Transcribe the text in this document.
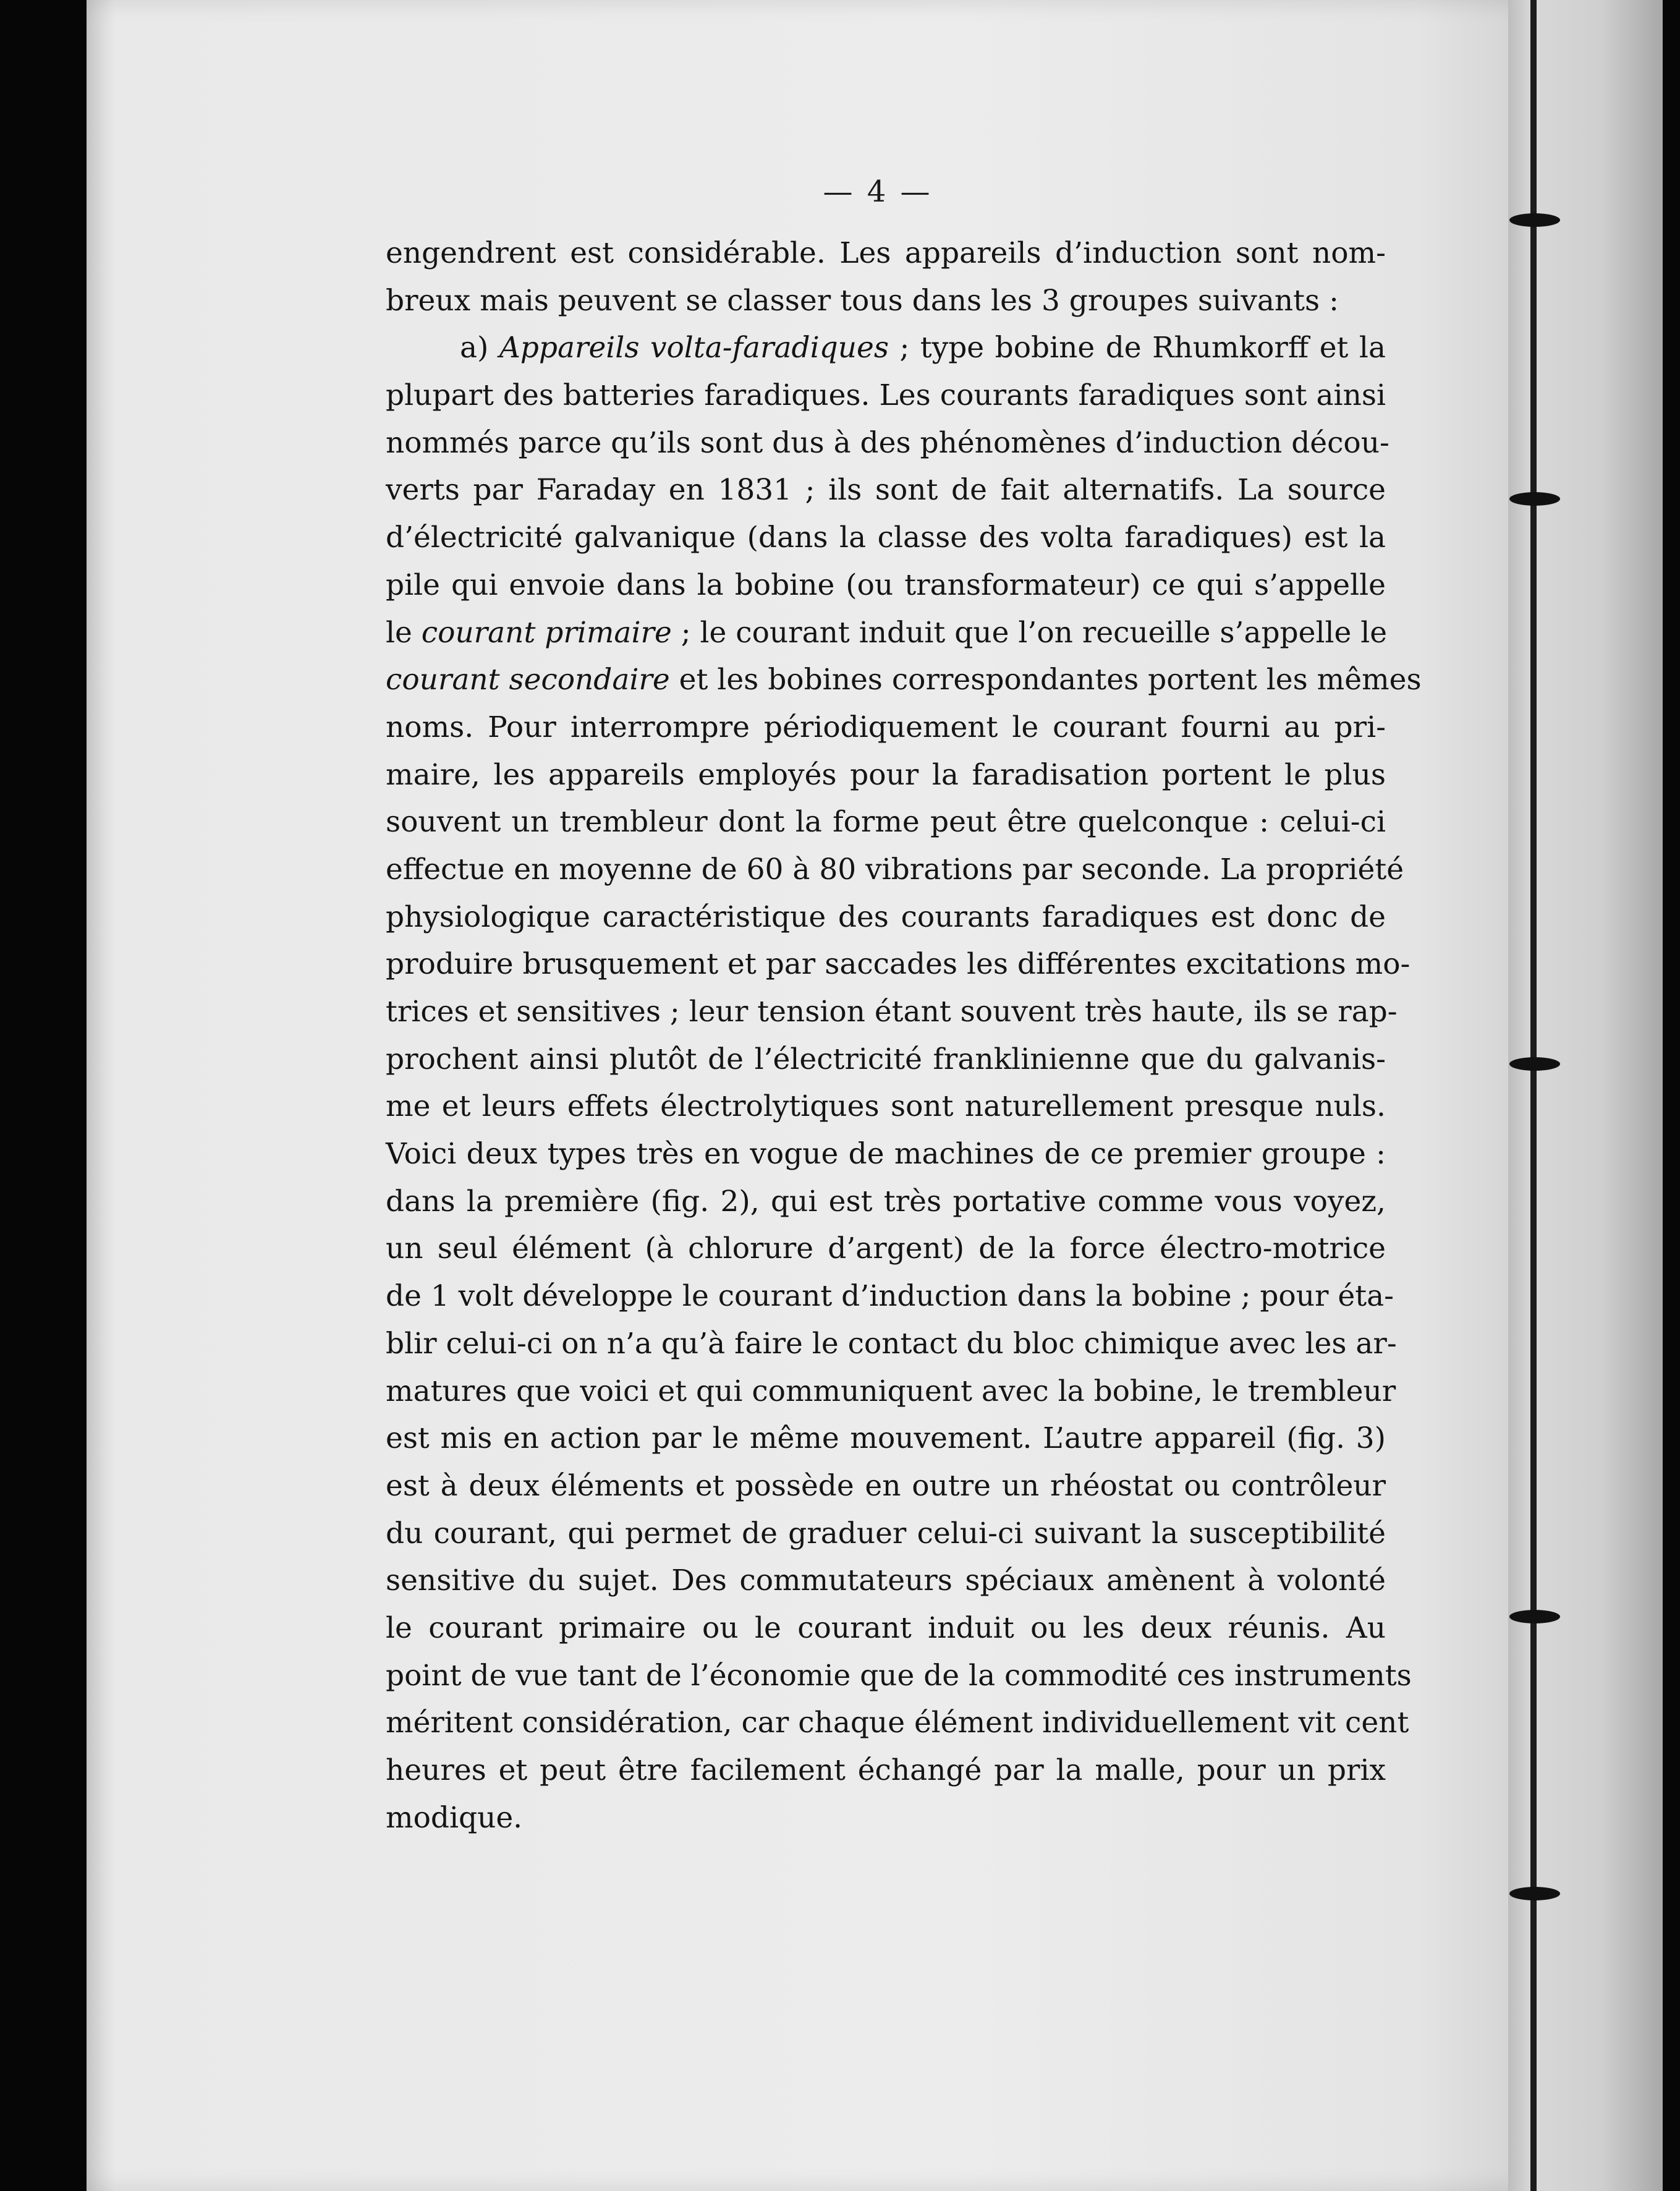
— 4 —
engendrent est considérable. Les appareils d’induction sont nom-
breux mais peuvent se classer tous dans les 3 groupes suivants :
a) Appareils volta-faradiques ; type bobine de Rhumkorff et la
plupart des batteries faradiques. Les courants faradiques sont ainsi
nommés parce qu’ils sont dus à des phénomènes d’induction décou-
verts par Faraday en 1831 ; ils sont de fait alternatifs. La source
d’électricité galvanique (dans la classe des volta faradiques) est la
pile qui envoie dans la bobine (ou transformateur) ce qui s’appelle
le courant primaire ; le courant induit que l’on recueille s’appelle le
courant secondaire et les bobines correspondantes portent les mêmes
noms. Pour interrompre périodiquement le courant fourni au pri-
maire, les appareils employés pour la faradisation portent le plus
souvent un trembleur dont la forme peut être quelconque : celui-ci
effectue en moyenne de 60 à 80 vibrations par seconde. La propriété
physiologique caractéristique des courants faradiques est donc de
produire brusquement et par saccades les différentes excitations mo-
trices et sensitives ; leur tension étant souvent très haute, ils se rap-
prochent ainsi plutôt de l’électricité franklinienne que du galvanis-
me et leurs effets électrolytiques sont naturellement presque nuls.
Voici deux types très en vogue de machines de ce premier groupe :
dans la première (fig. 2), qui est très portative comme vous voyez,
un seul élément (à chlorure d’argent) de la force électro-motrice
de 1 volt développe le courant d’induction dans la bobine ; pour éta-
blir celui-ci on n’a qu’à faire le contact du bloc chimique avec les ar-
matures que voici et qui communiquent avec la bobine, le trembleur
est mis en action par le même mouvement. L’autre appareil (fig. 3)
est à deux éléments et possède en outre un rhéostat ou contrôleur
du courant, qui permet de graduer celui-ci suivant la susceptibilité
sensitive du sujet. Des commutateurs spéciaux amènent à volonté
le courant primaire ou le courant induit ou les deux réunis. Au
point de vue tant de l’économie que de la commodité ces instruments
méritent considération, car chaque élément individuellement vit cent
heures et peut être facilement échangé par la malle, pour un prix
modique.
